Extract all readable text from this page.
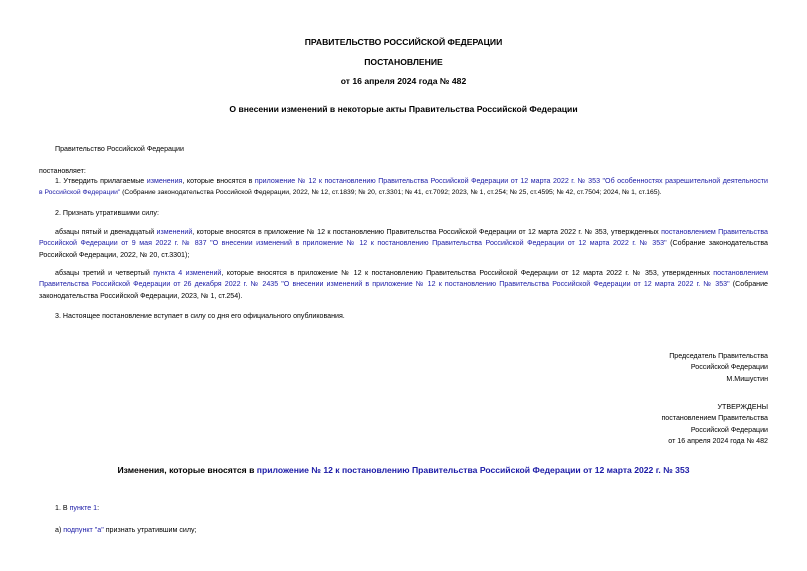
ПРАВИТЕЛЬСТВО РОССИЙСКОЙ ФЕДЕРАЦИИ
ПОСТАНОВЛЕНИЕ
от 16 апреля 2024 года № 482
О внесении изменений в некоторые акты Правительства Российской Федерации
Правительство Российской Федерации
постановляет:
1. Утвердить прилагаемые изменения, которые вносятся в приложение № 12 к постановлению Правительства Российской Федерации от 12 марта 2022 г. № 353 "Об особенностях разрешительной деятельности
в Российской Федерации" (Собрание законодательства Российской Федерации, 2022, № 12, ст.1839; № 20, ст.3301; № 41, ст.7092; 2023, № 1, ст.254; № 25, ст.4595; № 42, ст.7504; 2024, № 1, ст.165).
2. Признать утратившими силу:
абзацы пятый и двенадцатый изменений, которые вносятся в приложение № 12 к постановлению Правительства Российской Федерации от 12 марта 2022 г. № 353, утвержденных постановлением Правительства
Российской Федерации от 9 мая 2022 г. № 837 "О внесении изменений в приложение № 12 к постановлению Правительства Российской Федерации от 12 марта 2022 г. № 353" (Собрание законодательства
Российской Федерации, 2022, № 20, ст.3301);
абзацы третий и четвертый пункта 4 изменений, которые вносятся в приложение № 12 к постановлению Правительства Российской Федерации от 12 марта 2022 г. № 353, утвержденных постановлением
Правительства Российской Федерации от 26 декабря 2022 г. № 2435 "О внесении изменений в приложение № 12 к постановлению Правительства Российской Федерации от 12 марта 2022 г. № 353" (Собрание
законодательства Российской Федерации, 2023, № 1, ст.254).
3. Настоящее постановление вступает в силу со дня его официального опубликования.
Председатель Правительства
Российской Федерации
М.Мишустин
УТВЕРЖДЕНЫ
постановлением Правительства
Российской Федерации
от 16 апреля 2024 года № 482
Изменения, которые вносятся в приложение № 12 к постановлению Правительства Российской Федерации от 12 марта 2022 г. № 353
1. В пункте 1:
а) подпункт "а" признать утратившим силу;
